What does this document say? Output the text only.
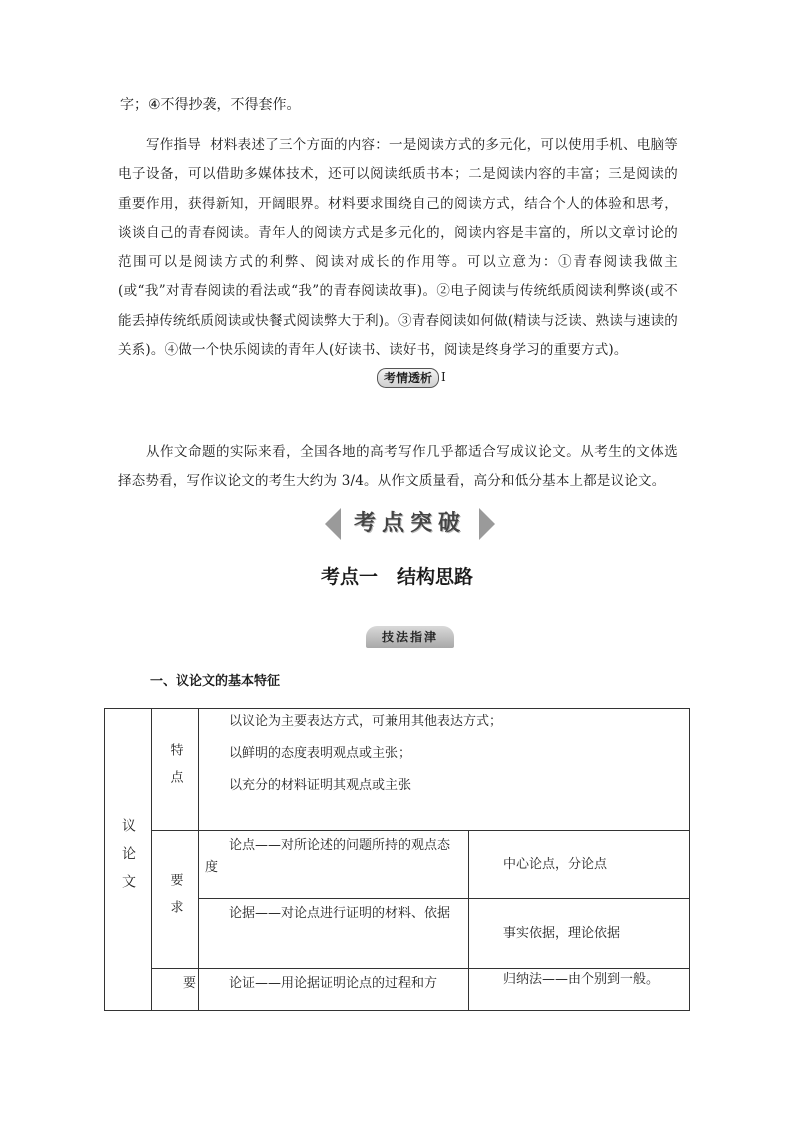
字；④不得抄袭，不得套作。
写作指导 材料表述了三个方面的内容：一是阅读方式的多元化，可以使用手机、电脑等电子设备，可以借助多媒体技术，还可以阅读纸质书本；二是阅读内容的丰富；三是阅读的重要作用，获得新知，开阔眼界。材料要求围绕自己的阅读方式，结合个人的体验和思考，谈谈自己的青春阅读。青年人的阅读方式是多元化的，阅读内容是丰富的，所以文章讨论的范围可以是阅读方式的利弊、阅读对成长的作用等。可以立意为：①青春阅读我做主(或“我”对青春阅读的看法或“我”的青春阅读故事)。②电子阅读与传统纸质阅读利弊谈(或不能丢掉传统纸质阅读或快餐式阅读弊大于利)。③青春阅读如何做(精读与泛读、熟读与速读的关系)。④做一个快乐阅读的青年人(好读书、读好书，阅读是终身学习的重要方式)。
考情透析 I
从作文命题的实际来看，全国各地的高考写作几乎都适合写成议论文。从考生的文体选择态势看，写作议论文的考生大约为 3/4。从作文质量看，高分和低分基本上都是议论文。
考点突破
考点一　结构思路
技法指津
一、议论文的基本特征
议论文	特点	以议论为主要表达方式，可兼用其他表达方式；
以鲜明的态度表明观点或主张；
以充分的材料证明其观点或主张	

	要求	论点——对所论述的问题所持的观点态度	中心论点，分论点

		论据——对论点进行证明的材料、依据	事实依据，理论依据

	要	论证——用论据证明论点的过程和方	归纳法——由个别到一般。
